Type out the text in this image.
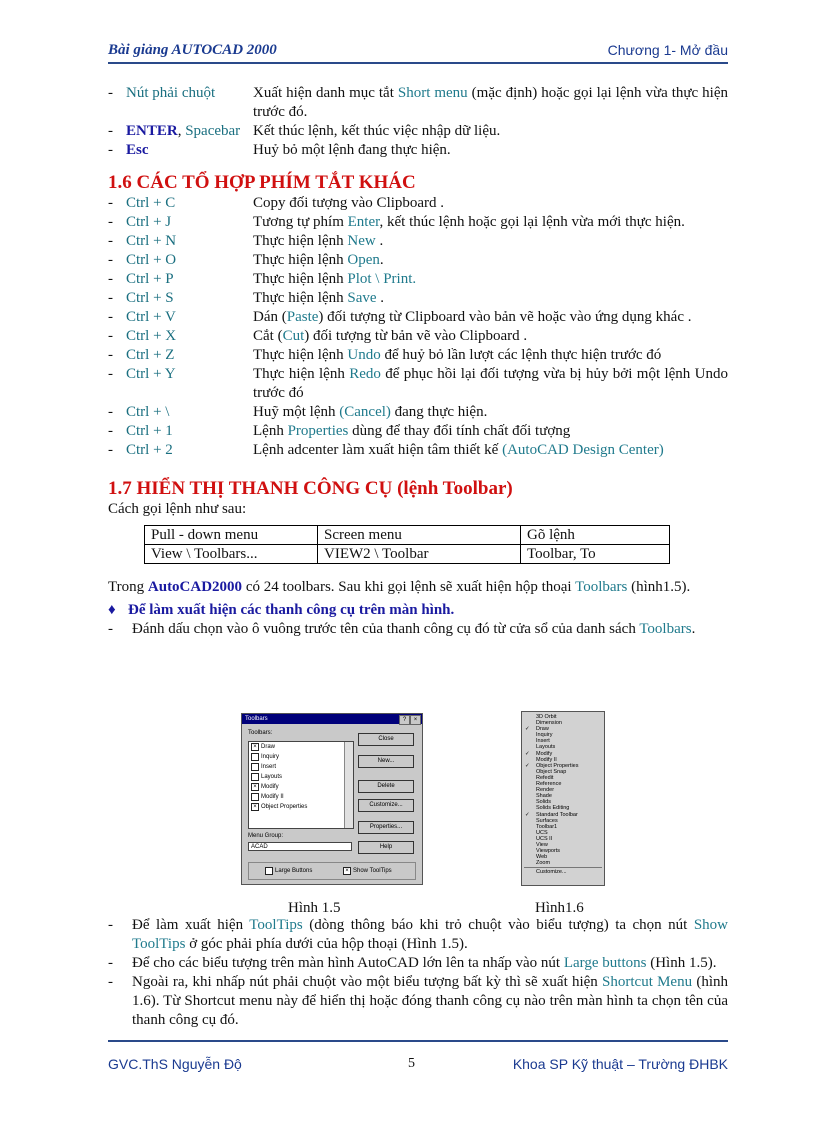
Bài giảng AUTOCAD 2000	Chương 1- Mở đầu
- Nút phải chuột	Xuất hiện danh mục tắt Short menu (mặc định) hoặc gọi lại lệnh vừa thực hiện trước đó.
- ENTER, Spacebar Kết thúc lệnh, kết thúc việc nhập dữ liệu.
- Esc	Huỷ bỏ một lệnh đang thực hiện.
1.6 CÁC TỔ HỢP PHÍM TẮT KHÁC
- Ctrl + C	Copy đối tượng vào Clipboard .
- Ctrl + J	Tương tự phím Enter, kết thúc lệnh hoặc gọi lại lệnh vừa mới thực hiện.
- Ctrl + N	Thực hiện lệnh New .
- Ctrl + O	Thực hiện lệnh Open.
- Ctrl + P	Thực hiện lệnh Plot \ Print.
- Ctrl + S	Thực hiện lệnh Save .
- Ctrl + V	Dán (Paste) đối tượng từ Clipboard vào bản vẽ hoặc vào ứng dụng khác .
- Ctrl + X	Cắt (Cut) đối tượng từ bản vẽ vào Clipboard .
- Ctrl + Z	Thực hiện lệnh Undo để huỷ bỏ lần lượt các lệnh thực hiện trước đó
- Ctrl + Y	Thực hiện lệnh Redo để phục hồi lại đối tượng vừa bị hủy bởi một lệnh Undo trước đó
- Ctrl + \	Huỹ một lệnh (Cancel) đang thực hiện.
- Ctrl + 1	Lệnh Properties dùng để thay đổi tính chất đối tượng
- Ctrl + 2	Lệnh adcenter làm xuất hiện tâm thiết kế (AutoCAD Design Center)
1.7 HIỂN THỊ THANH CÔNG CỤ (lệnh Toolbar)
Cách gọi lệnh như sau:
Pull - down menu	Screen menu	Gõ lệnh
View \ Toolbars...	VIEW2 \ Toolbar	Toolbar, To
Trong AutoCAD2000 có 24 toolbars. Sau khi gọi lệnh sẽ xuất hiện hộp thoại Toolbars (hình1.5).
♦ Để làm xuất hiện các thanh công cụ trên màn hình.
-	Đánh dấu chọn vào ô vuông trước tên của thanh công cụ đó từ cửa sổ của danh sách Toolbars.
Toolbars	?	×
Toolbars:
× Draw
Inquiry
Insert
Layouts
× Modify
Modify II
× Object Properties
Close
New...
Delete
Customize...
Properties...
Help
Menu Group:
ACAD
Large Buttons	× Show ToolTips
3D Orbit
Dimension
✓ Draw
Inquiry
Insert
Layouts
✓ Modify
Modify II
✓ Object Properties
Object Snap
Refedit
Reference
Render
Shade
Solids
Solids Editing
✓ Standard Toolbar
Surfaces
Toolbar1
UCS
UCS II
View
Viewports
Web
Zoom
Customize...
Hình 1.5	Hình1.6
-	Để làm xuất hiện ToolTips (dòng thông báo khi trỏ chuột vào biểu tượng) ta chọn nút Show ToolTips ở góc phải phía dưới của hộp thoại (Hình 1.5).
-	Để cho các biểu tượng trên màn hình AutoCAD lớn lên ta nhấp vào nút Large buttons (Hình 1.5).
-	Ngoài ra, khi nhấp nút phải chuột vào một biểu tượng bất kỳ thì sẽ xuất hiện Shortcut Menu (hình 1.6). Từ Shortcut menu này để hiển thị hoặc đóng thanh công cụ nào trên màn hình ta chọn tên của thanh công cụ đó.
GVC.ThS Nguyễn Độ	5	Khoa SP Kỹ thuật – Trường ĐHBK
